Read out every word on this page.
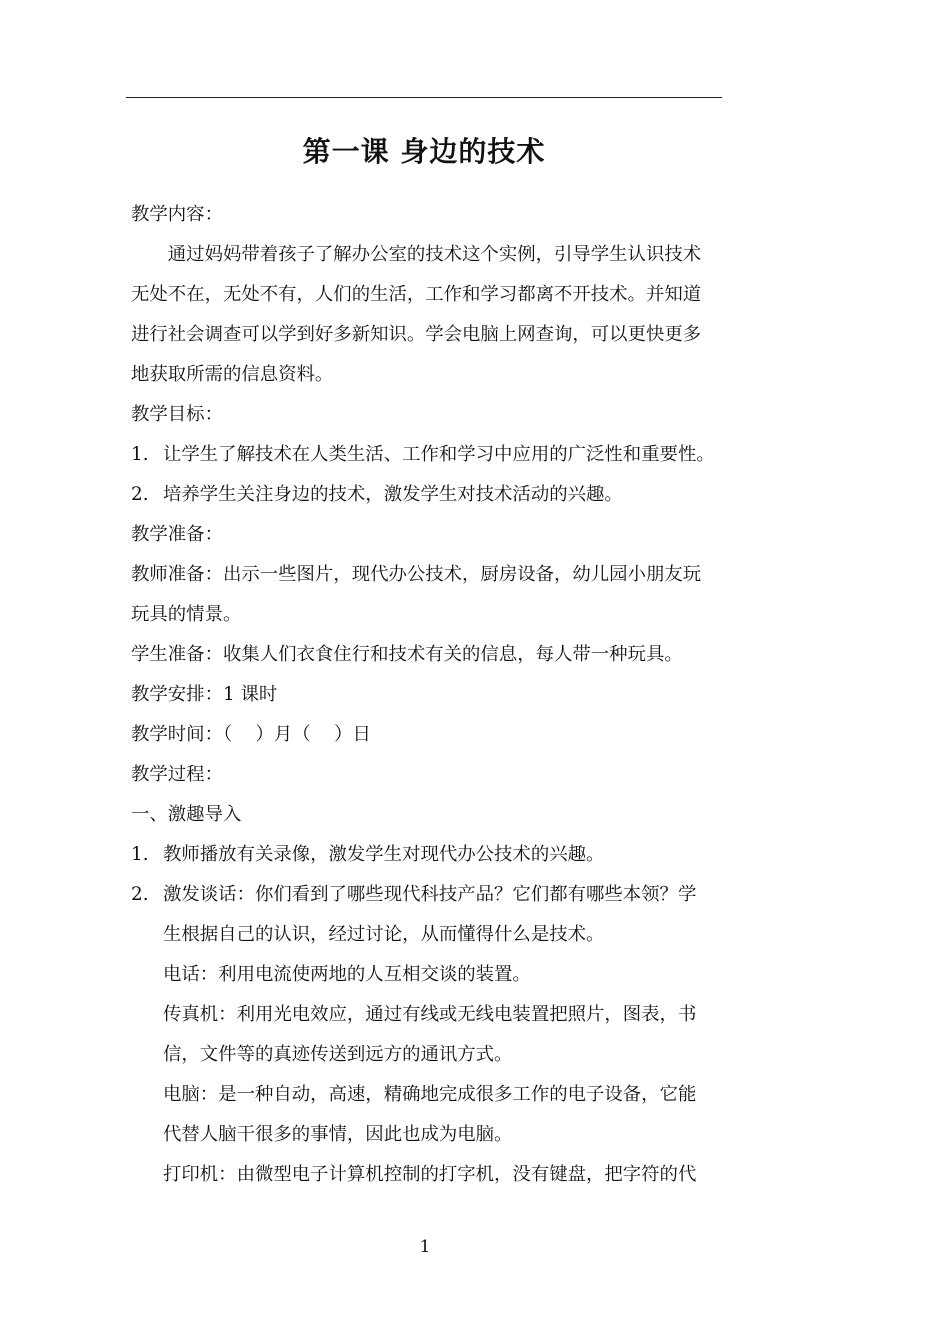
第一课 身边的技术
教学内容：
　　通过妈妈带着孩子了解办公室的技术这个实例，引导学生认识技术
无处不在，无处不有，人们的生活，工作和学习都离不开技术。并知道
进行社会调查可以学到好多新知识。学会电脑上网查询，可以更快更多
地获取所需的信息资料。
教学目标：
1. 让学生了解技术在人类生活、工作和学习中应用的广泛性和重要性。
2. 培养学生关注身边的技术，激发学生对技术活动的兴趣。
教学准备：
教师准备：出示一些图片，现代办公技术，厨房设备，幼儿园小朋友玩
玩具的情景。
学生准备：收集人们衣食住行和技术有关的信息，每人带一种玩具。
教学安排：1 课时
教学时间：（    ）月（    ）日
教学过程：
一、激趣导入
1. 教师播放有关录像，激发学生对现代办公技术的兴趣。
2. 激发谈话：你们看到了哪些现代科技产品？它们都有哪些本领？学
生根据自己的认识，经过讨论，从而懂得什么是技术。
电话：利用电流使两地的人互相交谈的装置。
传真机：利用光电效应，通过有线或无线电装置把照片，图表，书
信，文件等的真迹传送到远方的通讯方式。
电脑：是一种自动，高速，精确地完成很多工作的电子设备，它能
代替人脑干很多的事情，因此也成为电脑。
打印机：由微型电子计算机控制的打字机，没有键盘，把字符的代
1
